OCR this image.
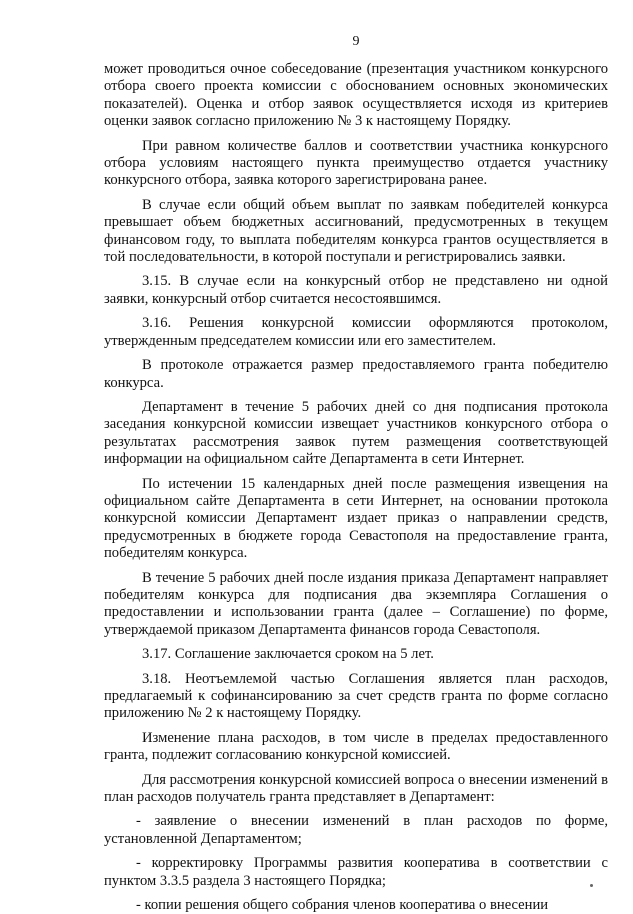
9

может проводиться очное собеседование (презентация участником конкурсного отбора своего проекта комиссии с обоснованием основных экономических показателей). Оценка и отбор заявок осуществляется исходя из критериев оценки заявок согласно приложению № 3 к настоящему Порядку.

При равном количестве баллов и соответствии участника конкурсного отбора условиям настоящего пункта преимущество отдается участнику конкурсного отбора, заявка которого зарегистрирована ранее.

В случае если общий объем выплат по заявкам победителей конкурса превышает объем бюджетных ассигнований, предусмотренных в текущем финансовом году, то выплата победителям конкурса грантов осуществляется в той последовательности, в которой поступали и регистрировались заявки.

3.15. В случае если на конкурсный отбор не представлено ни одной заявки, конкурсный отбор считается несостоявшимся.

3.16. Решения конкурсной комиссии оформляются протоколом, утвержденным председателем комиссии или его заместителем.

В протоколе отражается размер предоставляемого гранта победителю конкурса.

Департамент в течение 5 рабочих дней со дня подписания протокола заседания конкурсной комиссии извещает участников конкурсного отбора о результатах рассмотрения заявок путем размещения соответствующей информации на официальном сайте Департамента в сети Интернет.

По истечении 15 календарных дней после размещения извещения на официальном сайте Департамента в сети Интернет, на основании протокола конкурсной комиссии Департамент издает приказ о направлении средств, предусмотренных в бюджете города Севастополя на предоставление гранта, победителям конкурса.

В течение 5 рабочих дней после издания приказа Департамент направляет победителям конкурса для подписания два экземпляра Соглашения о предоставлении и использовании гранта (далее – Соглашение) по форме, утверждаемой приказом Департамента финансов города Севастополя.

3.17. Соглашение заключается сроком на 5 лет.

3.18. Неотъемлемой частью Соглашения является план расходов, предлагаемый к софинансированию за счет средств гранта по форме согласно приложению № 2 к настоящему Порядку.

Изменение плана расходов, в том числе в пределах предоставленного гранта, подлежит согласованию конкурсной комиссией.

Для рассмотрения конкурсной комиссией вопроса о внесении изменений в план расходов получатель гранта представляет в Департамент:

- заявление о внесении изменений в план расходов по форме, установленной Департаментом;

- корректировку Программы развития кооператива в соответствии с пунктом 3.3.5 раздела 3 настоящего Порядка;

- копии решения общего собрания членов кооператива о внесении
